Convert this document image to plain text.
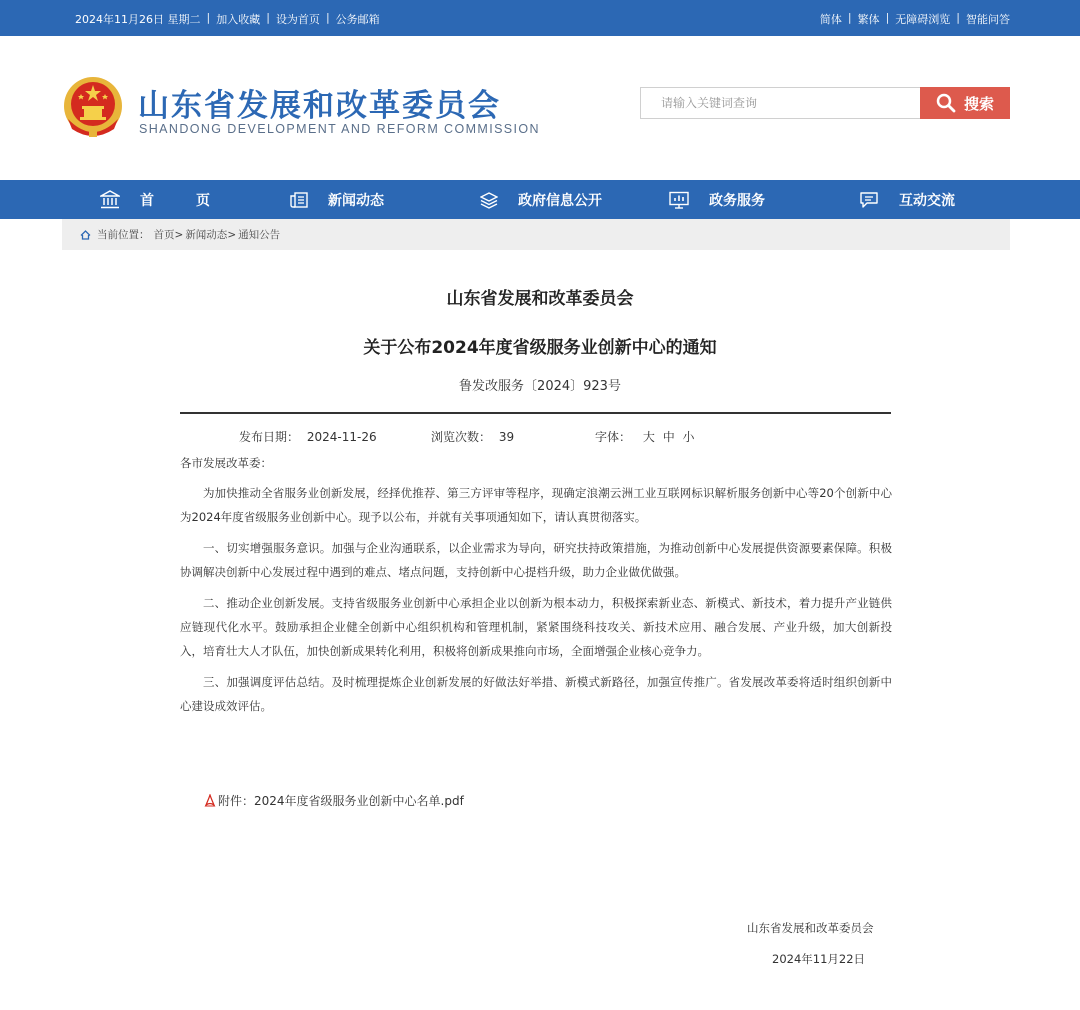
2024年11月26日 星期二 | 加入收藏 | 设为首页 | 公务邮箱	简体 | 繁体 | 无障碍浏览 | 智能问答
山东省发展和改革委员会
SHANDONG DEVELOPMENT AND REFORM COMMISSION
请输入关键词查询
搜索
首　页	新闻动态	政府信息公开	政务服务	互动交流
当前位置： 首页 > 新闻动态 > 通知公告
山东省发展和改革委员会
关于公布2024年度省级服务业创新中心的通知
鲁发改服务〔2024〕923号
发布日期： 2024-11-26	浏览次数： 39	字体： 大 中 小
各市发展改革委：

为加快推动全省服务业创新发展，经择优推荐、第三方评审等程序，现确定浪潮云洲工业互联网标识解析服务创新中心等20个创新中心为2024年度省级服务业创新中心。现予以公布，并就有关事项通知如下，请认真贯彻落实。

一、切实增强服务意识。加强与企业沟通联系，以企业需求为导向，研究扶持政策措施，为推动创新中心发展提供资源要素保障。积极协调解决创新中心发展过程中遇到的难点、堵点问题，支持创新中心提档升级，助力企业做优做强。

二、推动企业创新发展。支持省级服务业创新中心承担企业以创新为根本动力，积极探索新业态、新模式、新技术，着力提升产业链供应链现代化水平。鼓励承担企业健全创新中心组织机构和管理机制，紧紧围绕科技攻关、新技术应用、融合发展、产业升级，加大创新投入，培育壮大人才队伍，加快创新成果转化利用，积极将创新成果推向市场，全面增强企业核心竞争力。

三、加强调度评估总结。及时梳理提炼企业创新发展的好做法好举措、新模式新路径，加强宣传推广。省发展改革委将适时组织创新中心建设成效评估。

附件：2024年度省级服务业创新中心名单.pdf
山东省发展和改革委员会
2024年11月22日
